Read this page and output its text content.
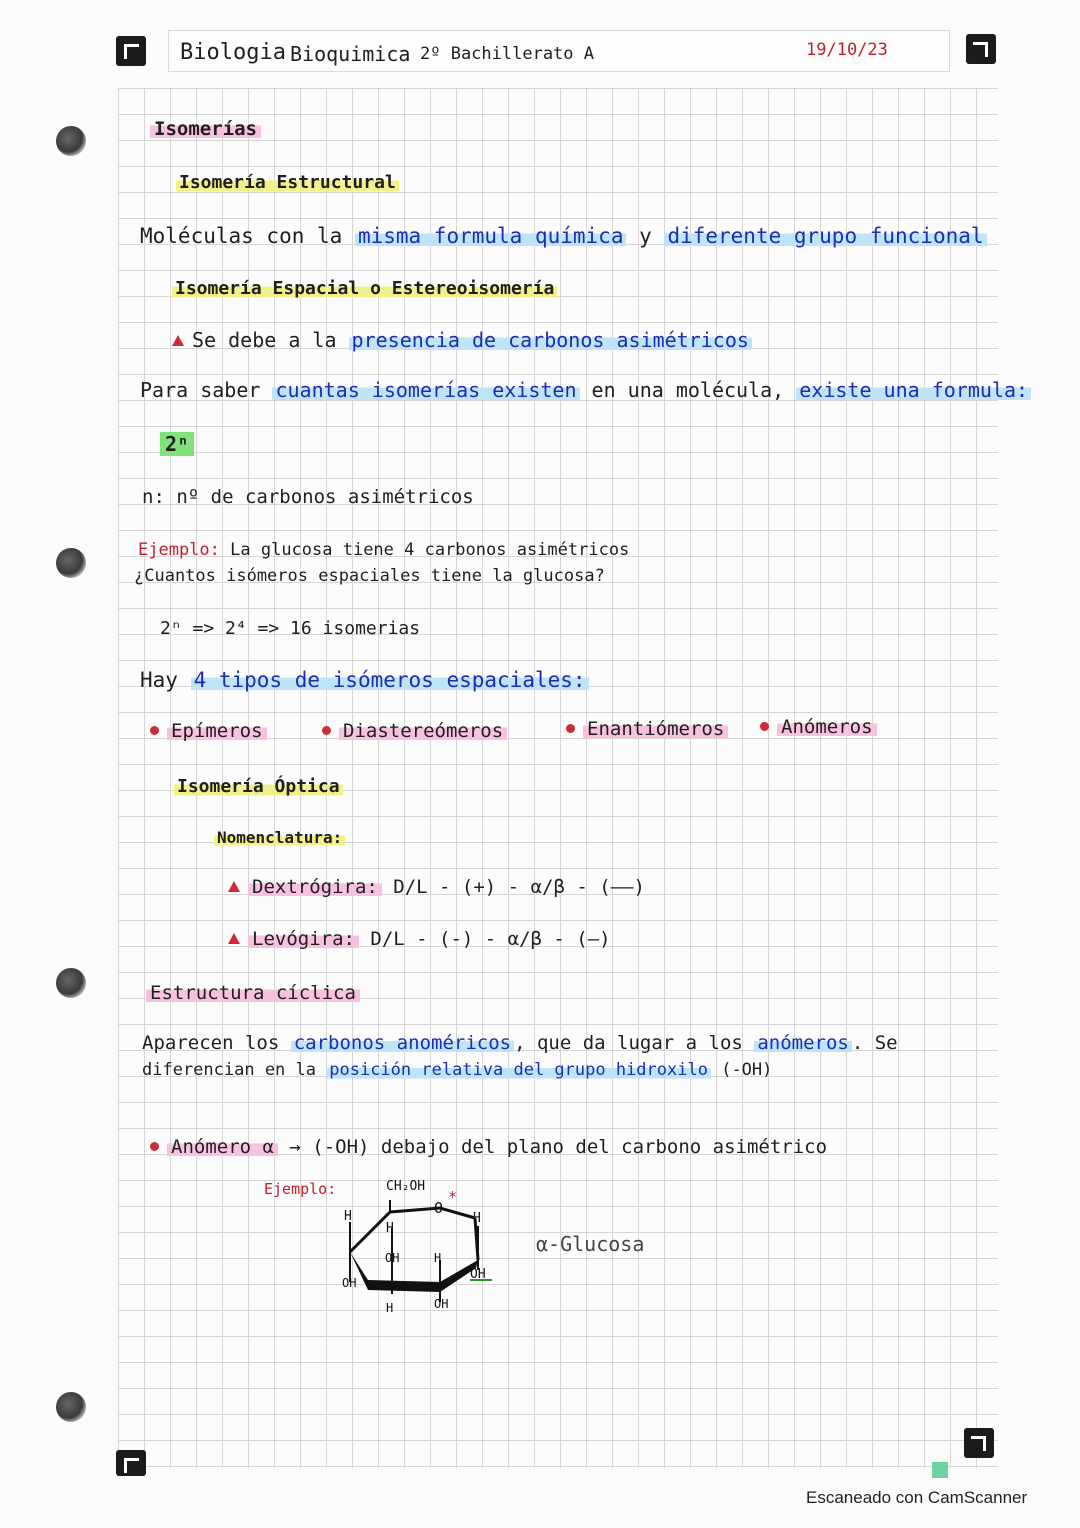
Biologia Bioquimica 2º Bachillerato A	19/10/23
Isomerías
Isomería Estructural
Moléculas con la misma formula química y diferente grupo funcional
Isomería Espacial o Estereoisomería
Se debe a la presencia de carbonos asimétricos
Para saber cuantas isomerías existen en una molécula, existe una formula:
2ⁿ
n: nº de carbonos asimétricos
Ejemplo: La glucosa tiene 4 carbonos asimétricos
¿Cuantos isómeros espaciales tiene la glucosa?
2ⁿ => 2⁴ => 16 isomerias
Hay 4 tipos de isómeros espaciales:
Epímeros	Diastereómeros	Enantiómeros	Anómeros
Isomería Óptica
Nomenclatura:
Dextrógira: D/L - (+) - α/β - (——)
Levógira: D/L - (-) - α/β - (—)
Estructura cíclica
Aparecen los carbonos anoméricos , que da lugar a los anómeros . Se
diferencian en la posición relativa del grupo hidroxilo (-OH)
Anómero α → (-OH) debajo del plano del carbono asimétrico
Ejemplo:	CH₂OH
O
*
H
H
H
OH	H
OH
OH
H	OH
α-Glucosa
Escaneado con CamScanner
